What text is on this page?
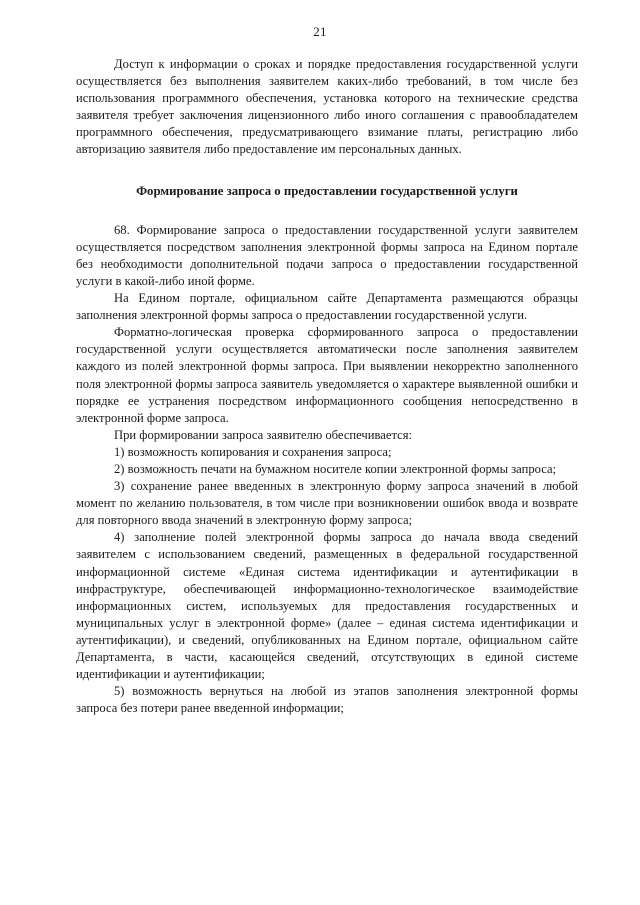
21

Доступ к информации о сроках и порядке предоставления государственной услуги осуществляется без выполнения заявителем каких-либо требований, в том числе без использования программного обеспечения, установка которого на технические средства заявителя требует заключения лицензионного либо иного соглашения с правообладателем программного обеспечения, предусматривающего взимание платы, регистрацию либо авторизацию заявителя либо предоставление им персональных данных.

Формирование запроса о предоставлении государственной услуги

68. Формирование запроса о предоставлении государственной услуги заявителем осуществляется посредством заполнения электронной формы запроса на Едином портале без необходимости дополнительной подачи запроса о предоставлении государственной услуги в какой-либо иной форме.

На Едином портале, официальном сайте Департамента размещаются образцы заполнения электронной формы запроса о предоставлении государственной услуги.

Форматно-логическая проверка сформированного запроса о предоставлении государственной услуги осуществляется автоматически после заполнения заявителем каждого из полей электронной формы запроса. При выявлении некорректно заполненного поля электронной формы запроса заявитель уведомляется о характере выявленной ошибки и порядке ее устранения посредством информационного сообщения непосредственно в электронной форме запроса.

При формировании запроса заявителю обеспечивается:

1) возможность копирования и сохранения запроса;

2) возможность печати на бумажном носителе копии электронной формы запроса;

3) сохранение ранее введенных в электронную форму запроса значений в любой момент по желанию пользователя, в том числе при возникновении ошибок ввода и возврате для повторного ввода значений в электронную форму запроса;

4) заполнение полей электронной формы запроса до начала ввода сведений заявителем с использованием сведений, размещенных в федеральной государственной информационной системе «Единая система идентификации и аутентификации в инфраструктуре, обеспечивающей информационно-технологическое взаимодействие информационных систем, используемых для предоставления государственных и муниципальных услуг в электронной форме» (далее – единая система идентификации и аутентификации), и сведений, опубликованных на Едином портале, официальном сайте Департамента, в части, касающейся сведений, отсутствующих в единой системе идентификации и аутентификации;

5) возможность вернуться на любой из этапов заполнения электронной формы запроса без потери ранее введенной информации;
